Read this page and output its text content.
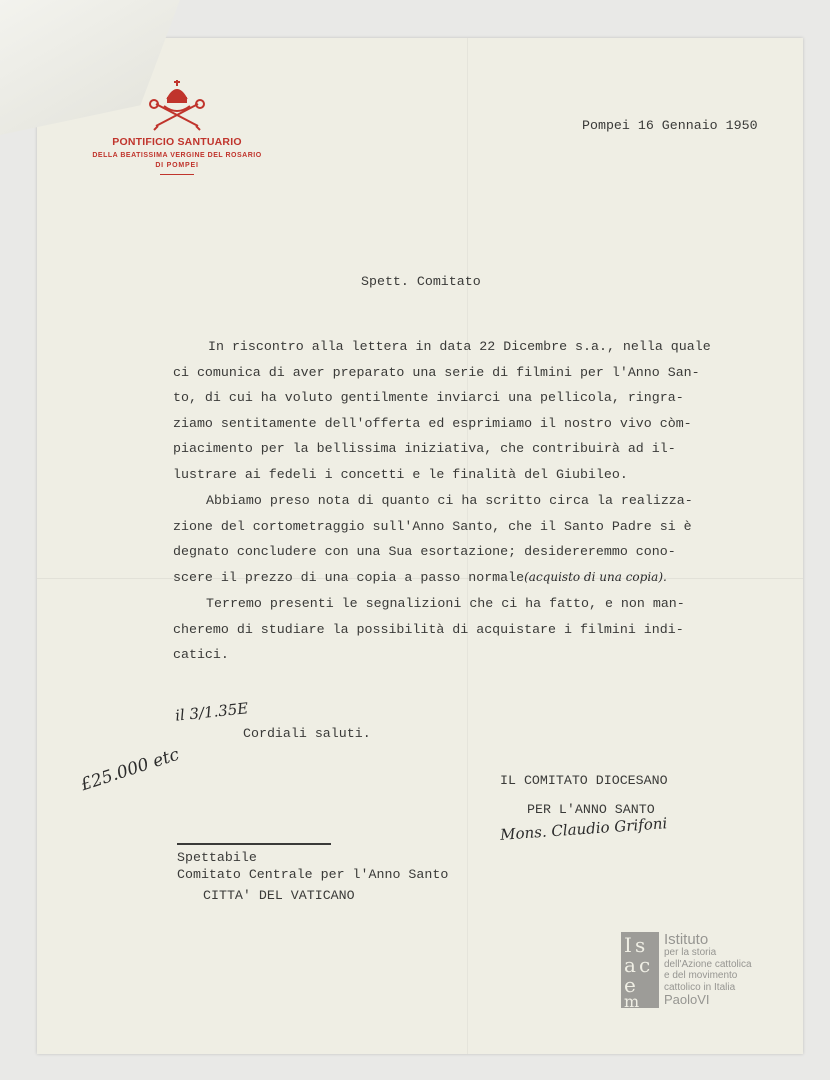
PONTIFICIO SANTUARIO
DELLA BEATISSIMA VERGINE DEL ROSARIO
DI POMPEI
Pompei 16 Gennaio 1950
Spett. Comitato
In riscontro alla lettera in data 22 Dicembre s.a., nella quale
ci comunica di aver preparato una serie di filmini per l'Anno San-
to, di cui ha voluto gentilmente inviarci una pellicola, ringra-
ziamo sentitamente dell'offerta ed esprimiamo il nostro vivo còm-
piacimento per la bellissima iniziativa, che contribuirà ad il-
lustrare ai fedeli i concetti e le finalità del Giubileo.
Abbiamo preso nota di quanto ci ha scritto circa la realizza-
zione del cortometraggio sull'Anno Santo, che il Santo Padre si è
degnato concludere con una Sua esortazione; desidereremmo cono-
scere il prezzo di una copia a passo normale(acquisto di una copia).
Terremo presenti le segnalizioni che ci ha fatto, e non man-
cheremo di studiare la possibilità di acquistare i filmini indi-
catici.
il 3/1.35E
£25.000 etc
Cordiali saluti.
IL COMITATO DIOCESANO
PER L'ANNO SANTO
Mons. Claudio Grifoni
Spettabile
Comitato Centrale per l'Anno Santo
CITTA' DEL VATICANO
I s
a c
e
m
Istituto
per la storia
dell'Azione cattolica
e del movimento
cattolico in Italia
PaoloVI
